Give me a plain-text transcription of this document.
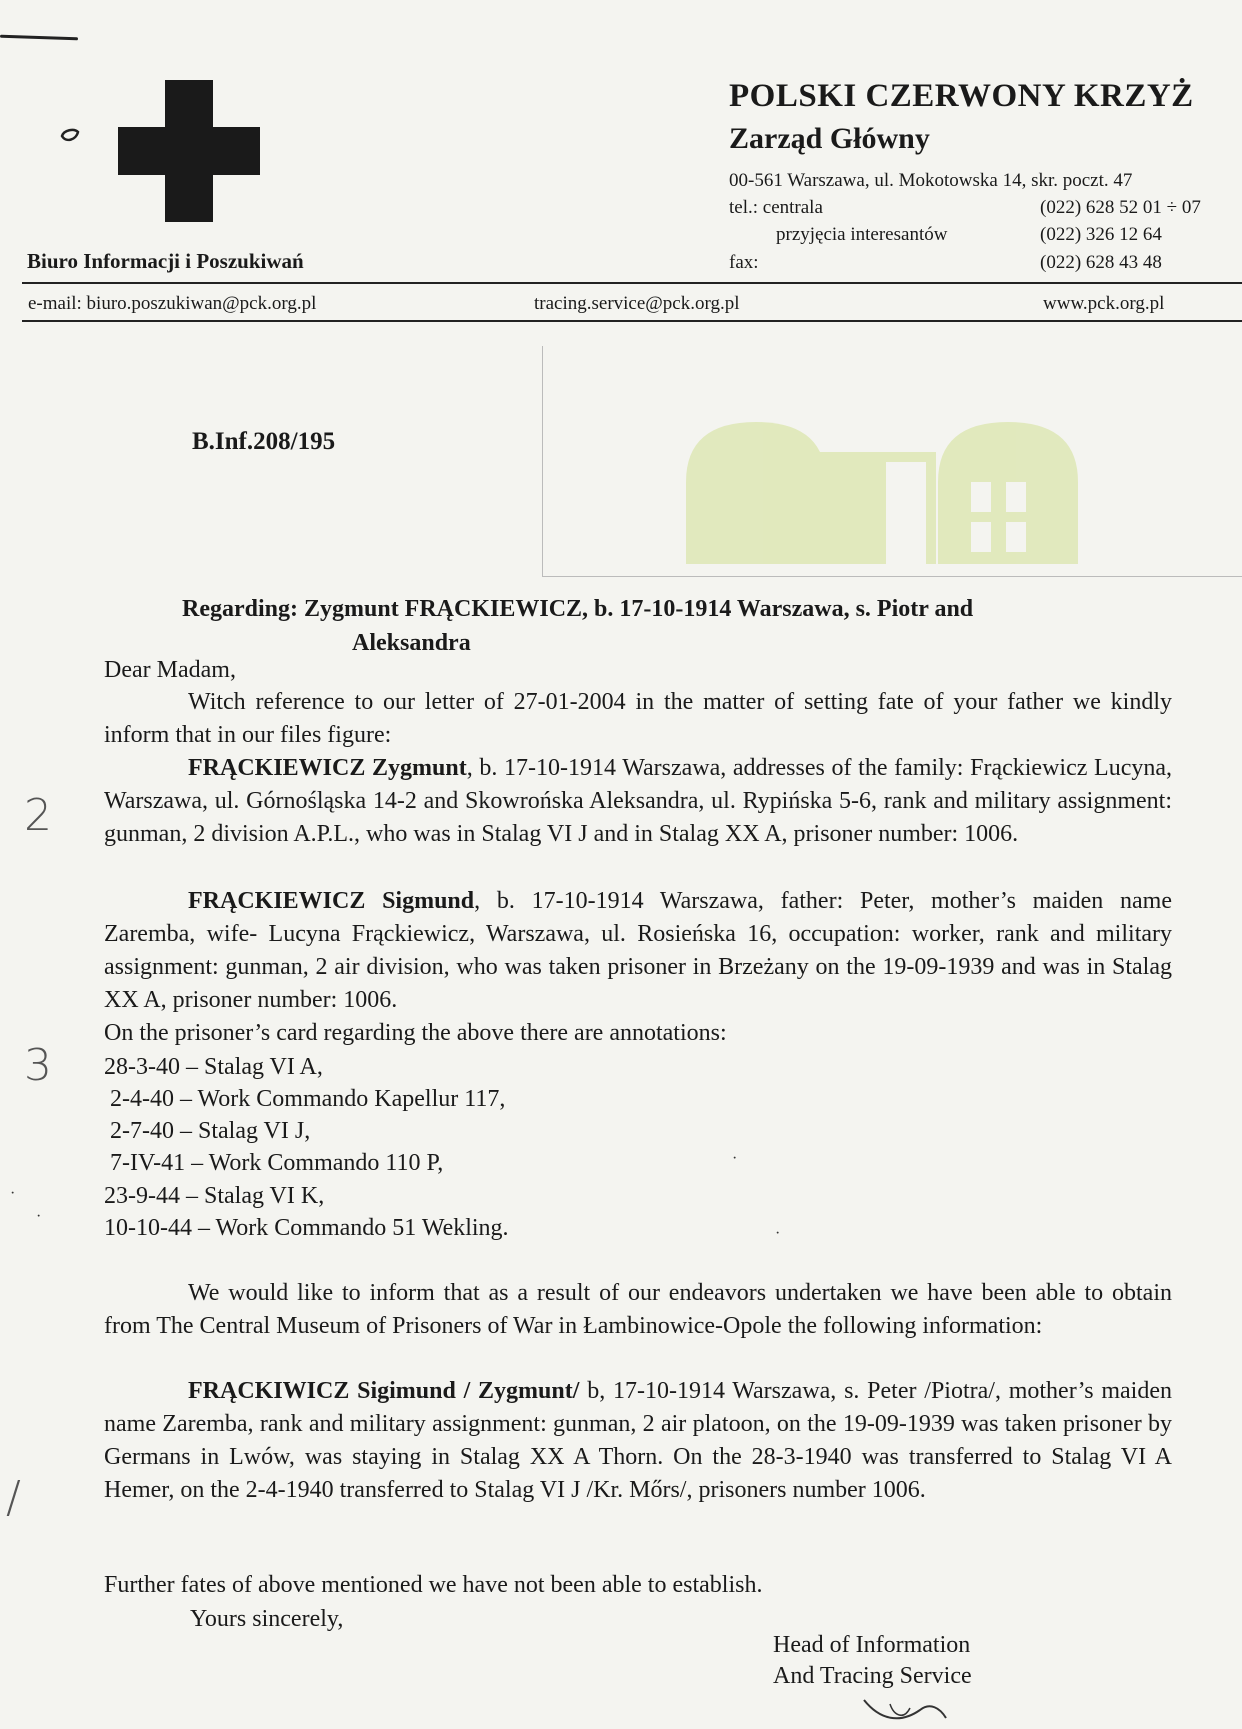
Biuro Informacji i Poszukiwań
POLSKI CZERWONY KRZYŻ
Zarząd Główny
00-561 Warszawa, ul. Mokotowska 14, skr. poczt. 47
tel.: centrala	(022) 628 52 01 ÷ 07
przyjęcia interesantów	(022) 326 12 64
fax:	(022) 628 43 48
e-mail: biuro.poszukiwan@pck.org.pl	tracing.service@pck.org.pl	www.pck.org.pl
B.Inf.208/195
Regarding: Zygmunt FRĄCKIEWICZ, b. 17-10-1914 Warszawa, s. Piotr and
Aleksandra
Dear Madam,
Witch reference to our letter of 27-01-2004 in the matter of setting fate of your father we kindly inform that in our files figure:
FRĄCKIEWICZ Zygmunt, b. 17-10-1914 Warszawa, addresses of the family: Frąckiewicz Lucyna, Warszawa, ul. Górnośląska 14-2 and Skowrońska Aleksandra, ul. Rypińska 5-6, rank and military assignment: gunman, 2 division A.P.L., who was in Stalag VI J and in Stalag XX A, prisoner number: 1006.
FRĄCKIEWICZ Sigmund, b. 17-10-1914 Warszawa, father: Peter, mother’s maiden name Zaremba, wife- Lucyna Frąckiewicz, Warszawa, ul. Rosieńska 16, occupation: worker, rank and military assignment: gunman, 2 air division, who was taken prisoner in Brzeżany on the 19-09-1939 and was in Stalag XX A, prisoner number: 1006.
On the prisoner’s card regarding the above there are annotations:
28-3-40 – Stalag VI A,
2-4-40 – Work Commando Kapellur 117,
2-7-40 – Stalag VI J,
7-IV-41 – Work Commando 110 P,
23-9-44 – Stalag VI K,
10-10-44 – Work Commando 51 Wekling.
We would like to inform that as a result of our endeavors undertaken we have been able to obtain from The Central Museum of Prisoners of War in Łambinowice-Opole the following information:
FRĄCKIWICZ Sigimund / Zygmunt/ b, 17-10-1914 Warszawa, s. Peter /Piotra/, mother’s maiden name Zaremba, rank and military assignment: gunman, 2 air platoon, on the 19-09-1939 was taken prisoner by Germans in Lwów, was staying in Stalag XX A Thorn. On the 28-3-1940 was transferred to Stalag VI A Hemer, on the 2-4-1940 transferred to Stalag VI J /Kr. Mőrs/, prisoners number 1006.
Further fates of above mentioned we have not been able to establish.
Yours sincerely,
Head of Information
And Tracing Service
2
3
/
·
·
·
·
